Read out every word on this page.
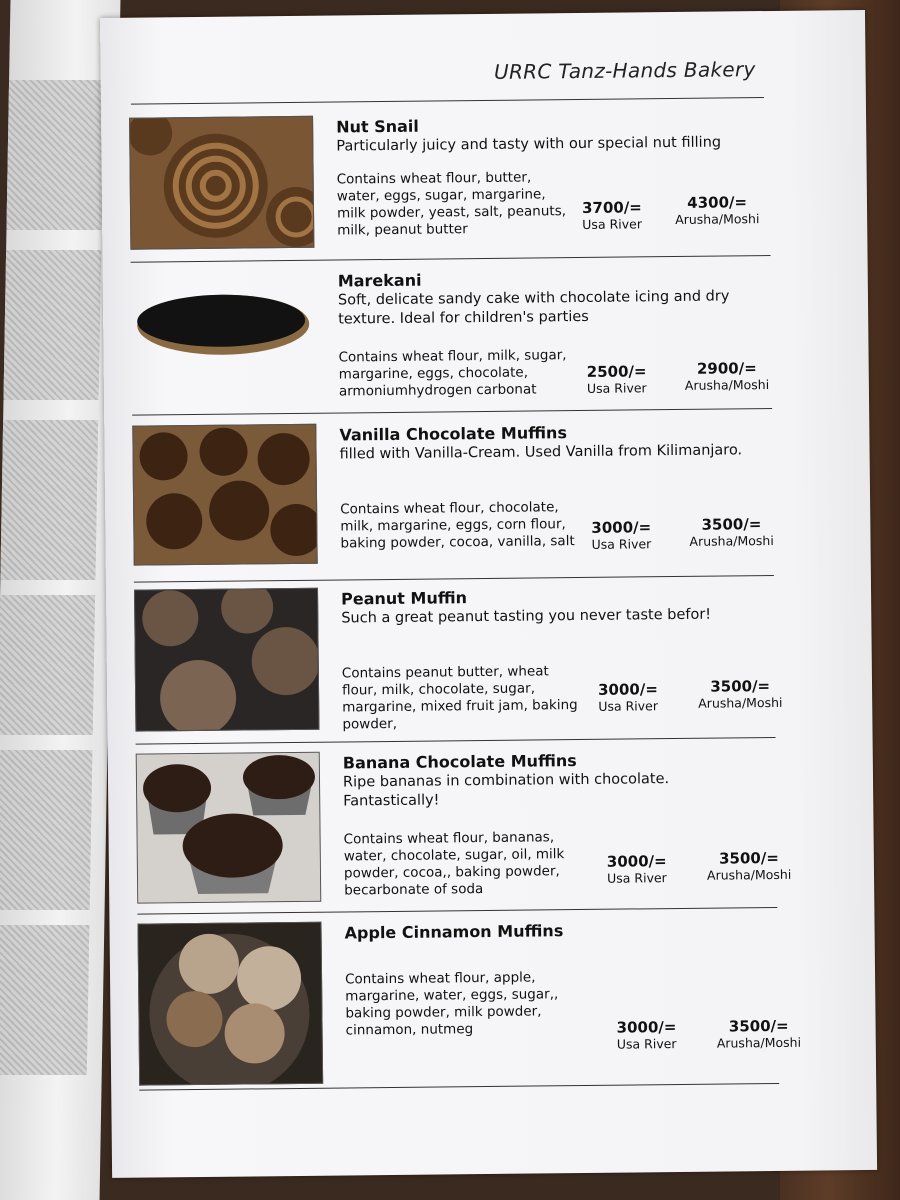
URRC Tanz-Hands Bakery
Nut Snail
Particularly juicy and tasty with our special nut filling
Contains wheat flour, butter, water, eggs, sugar, margarine, milk powder, yeast, salt, peanuts, milk, peanut butter
3700/=
Usa River
4300/=
Arusha/Moshi
Marekani
Soft, delicate sandy cake with chocolate icing and dry texture. Ideal for children's parties
Contains wheat flour, milk, sugar, margarine, eggs, chocolate, armoniumhydrogen carbonat
2500/=
Usa River
2900/=
Arusha/Moshi
Vanilla Chocolate Muffins
filled with Vanilla-Cream. Used Vanilla from Kilimanjaro.
Contains wheat flour, chocolate, milk, margarine, eggs, corn flour, baking powder, cocoa, vanilla, salt
3000/=
Usa River
3500/=
Arusha/Moshi
Peanut Muffin
Such a great peanut tasting you never taste befor!
Contains peanut butter, wheat flour, milk, chocolate, sugar, margarine, mixed fruit jam, baking powder,
3000/=
Usa River
3500/=
Arusha/Moshi
Banana Chocolate Muffins
Ripe bananas in combination with chocolate. Fantastically!
Contains wheat flour, bananas, water, chocolate, sugar, oil, milk powder, cocoa,, baking powder, becarbonate of soda
3000/=
Usa River
3500/=
Arusha/Moshi
Apple Cinnamon Muffins
Contains wheat flour, apple, margarine, water, eggs, sugar,, baking powder, milk powder, cinnamon, nutmeg	3000/=
Usa River
3500/=
Arusha/Moshi
